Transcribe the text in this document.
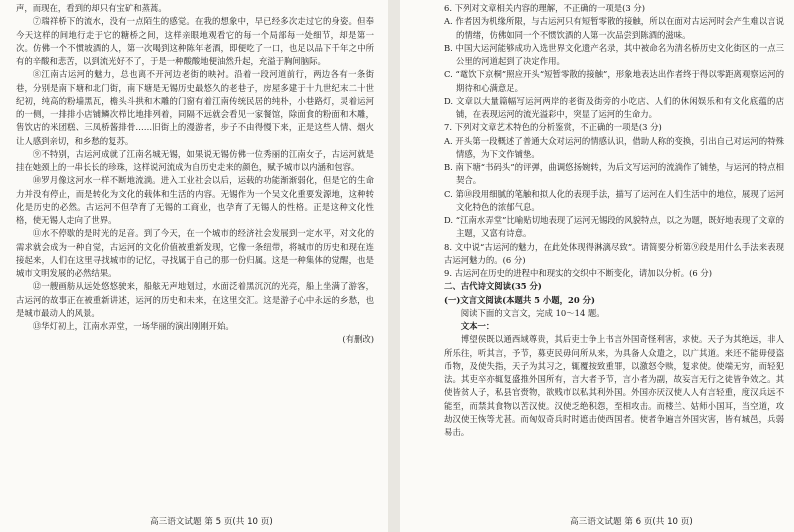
声，而现在，看到的却只有宝矿和蒸蒿。

⑦瑞祥桥下的流水，没有一点陌生的感觉。在我的想象中，早已经多次走过它的身姿。但奉今天这样的间地行走于它的糖桥之间，这样亲眼地观看它的每一个局部每一处细节，却是第一次。仿佛一个不惯坡酒的人，第一次喝到这种陈年老酒，即便吃了一口，也足以品下千年之中所有的辛酸和悲苦，以到流光好不了，于是一种酸酸地便油然升起，充溢于胸间脑际。

⑧江南古运河的魅力，总也离不开河边老街的映衬。沿着一段河道前行，两边各有一条街巷，分别是南下塘和北门街，南下塘是无锡历史最悠久的老巷子，房屋多建于十九世纪末二十世纪初，纯高的粉墙黑瓦，檐头斗拱和木雕的门窗有着江南传统民居的纯朴，小巷路灯，灵着运河的一侧，一排排小店铺鳞次栉比地排列着，同隔不远就会看见一家餐馆，除面食的粉面和木雕，售饮店的米团糕、三凤桥酱排骨……旧街上的漫游者，步子不由得慢下来，正是这些人情、烟火让人感到亲切，和乡愁的复苏。

⑨不特别，古运河成就了江南名城无锡，如果说无锡仿佛一位秀丽的江南女子，古运河就是挂在她颈上的一串长长的珍珠，这样说河流成为自历史走来的颜色，赋予城市以内涵和包容。

⑩罗月像这河水一样不断地流淌。进入工业社会以后，运载的功能渐渐弱化，但是它的生命力并没有停止，而是转化为文化的载体和生活的内容。无锡作为一个吴文化重要发源地，这种转化是历史的必然。古运河不但孕育了无锡的工商业，也孕育了无锡人的性格。正是这种文化性格，使无锡人走向了世界。

⑪水不停歇的是时光的足音。到了今天，在一个城市的经济社会发展到一定水平，对文化的需求就会成为一种自觉，古运河的文化价值被重新发现，它像一条纽带，将城市的历史和现在连接起来，人们在这里寻找城市的记忆，寻找属于自己的那一份归属。这是一种集体的觉醒，也是城市文明发展的必然结果。

⑫一艘画舫从远处悠悠驶来，船舷无声地划过，水面泛着黑沉沉的光亮，船上坐满了游客，古运河的故事正在被重新讲述，运河的历史和未来，在这里交汇。这是游子心中永远的乡愁，也是城市最动人的风景。

⑬华灯初上，江南水弄堂，一场华丽的演出刚刚开始。

(有删改)

高三语文试题 第 5 页(共 10 页)

6. 下列对文章相关内容的理解，不正确的一项是(3 分)

A. 作者因为机缘所限，与古运河只有短暂零散的接触，所以在面对古运河时会产生难以言说的情绪，仿佛如同一个不惯饮酒的人第一次品尝到陈酒的滋味。

B. 中国大运河能够成功入选世界文化遗产名录，其中被命名为清名桥历史文化街区的一点三公里的河道起到了决定作用。

C. “鼋饮下京桐”照应开头“短暂零散的接触”，形象地表达出作者终于得以零距离观察运河的期待和心满意足。

D. 文章以大量篇幅写运河两岸的老街及街旁的小吃店、人们的休闲娱乐和有文化底蕴的店铺，在表现运河的流光溢彩中，突显了运河的生命力。

7. 下列对文章艺术特色的分析鉴赏，不正确的一项是(3 分)

A. 开头第一段概述了普通大众对运河的情感认识，借助人称的变换，引出自己对运河的特殊情感，为下文作铺垫。

B. 南下塘“书码头”的评弹，曲调悠扬婉转，为后文写运河的流淌作了铺垫，与运河的特点相契合。

C. 第⑩段用细腻的笔触和拟人化的表现手法，描写了运河在人们生活中的地位，展现了运河文化特色的浓郁气息。

D. “江南水弄堂”比喻贴切地表现了运河无锡段的风貌特点，以之为题，既好地表现了文章的主题，又富有诗意。

8. 文中说“古运河的魅力，在此处体现得淋漓尽致”。请简要分析第⑨段是用什么手法来表现古运河魅力的。(6 分)

9. 古运河在历史的进程中和现实的交织中不断变化，请加以分析。(6 分)

二、古代诗文阅读(35 分)

(一)文言文阅读(本题共 5 小题，20 分)

阅读下面的文言文，完成 10～14 题。

文本一：

博望侯既以通西域尊贵，其后吏士争上书言外国奇怪利害，求使。天子为其绝远，非人所乐往，听其言，予节，募吏民毋问所从来，为具备人众遣之，以广其道。来还不能毋侵盗币物，及使失指，天子为其习之，辄覆按致重罪，以激怒令赎，复求使。使端无穷，而轻犯法。其吏卒亦辄复盛推外国所有，言大者予节，言小者为副，故妄言无行之徒皆争效之。其使皆贫人子，私县官赍物，欲贱市以私其利外国。外国亦厌汉使人人有言轻重，度汉兵远不能至，而禁其食物以苦汉使。汉使乏绝积怨，至相攻击。而楼兰、姑师小国耳，当空道，攻劫汉使王恢等尤甚。而匈奴奇兵时时遮击使西国者。使者争遍言外国灾害，皆有城邑，兵弱易击。

高三语文试题 第 6 页(共 10 页)
